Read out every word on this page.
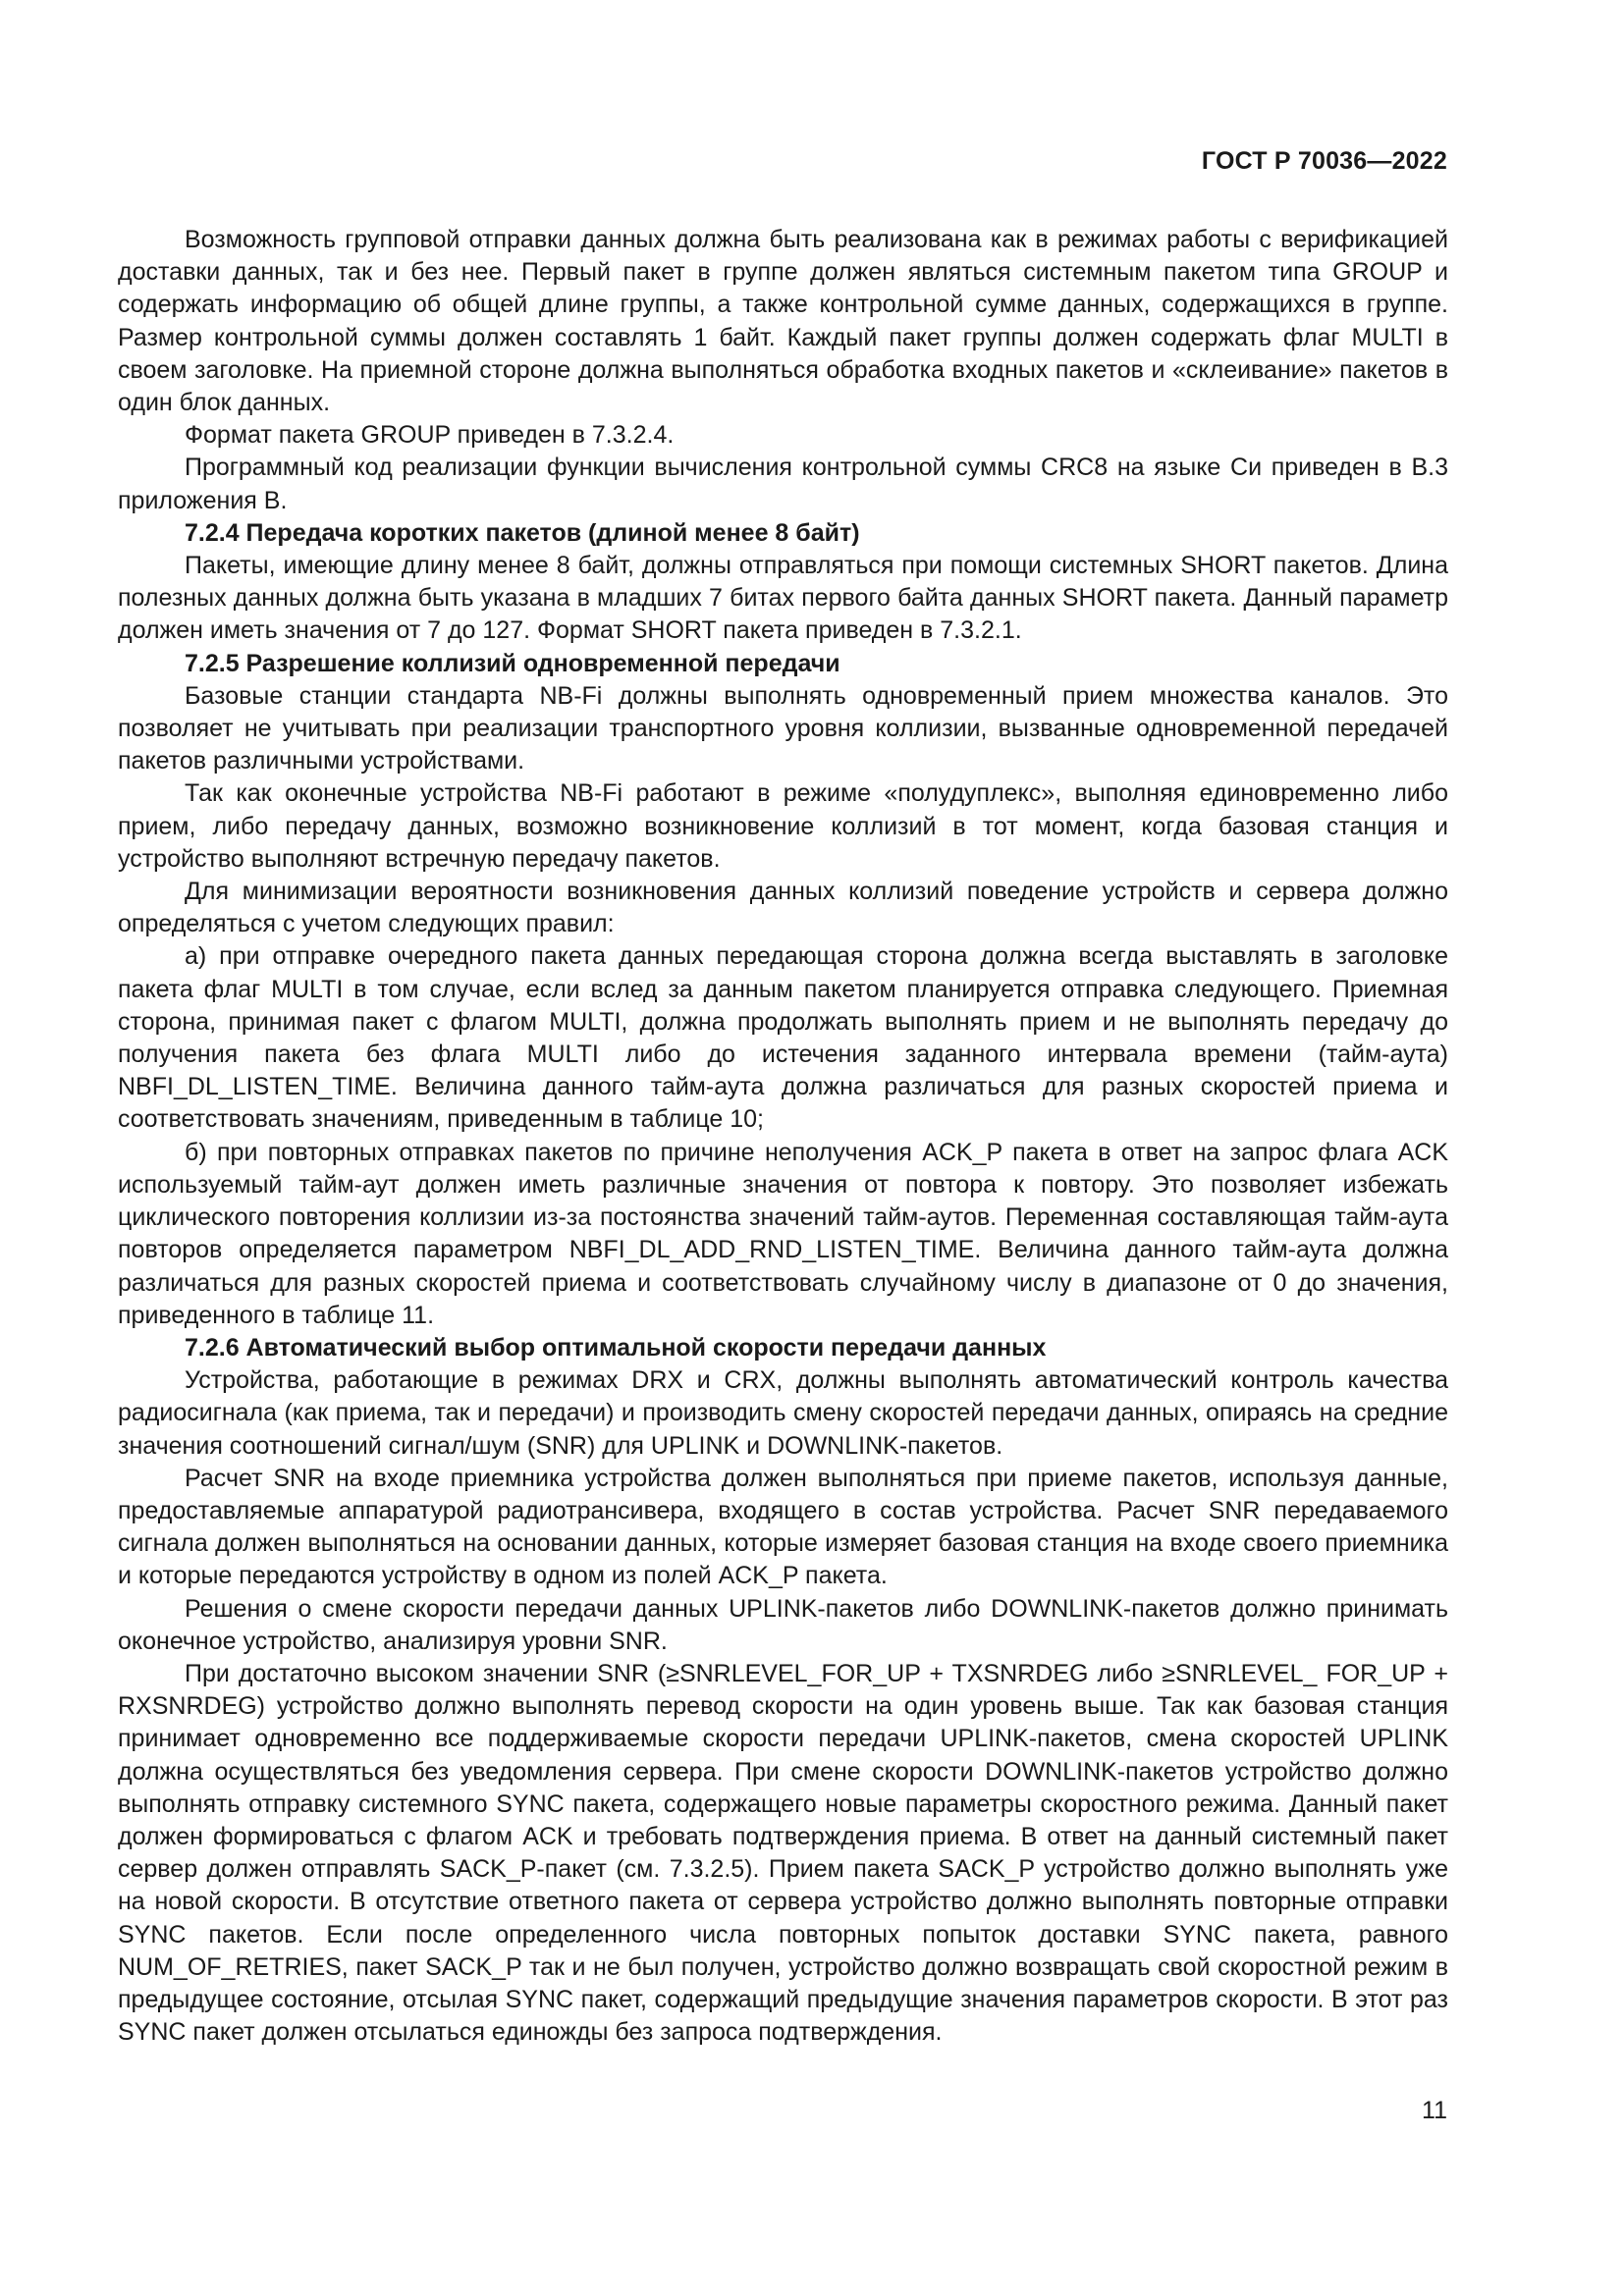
ГОСТ Р 70036—2022

Возможность групповой отправки данных должна быть реализована как в режимах работы с верификацией доставки данных, так и без нее. Первый пакет в группе должен являться системным пакетом типа GROUP и содержать информацию об общей длине группы, а также контрольной сумме данных, содержащихся в группе. Размер контрольной суммы должен составлять 1 байт. Каждый пакет группы должен содержать флаг MULTI в своем заголовке. На приемной стороне должна выполняться обработка входных пакетов и «склеивание» пакетов в один блок данных.

Формат пакета GROUP приведен в 7.3.2.4.

Программный код реализации функции вычисления контрольной суммы CRC8 на языке Си приведен в В.3 приложения В.

7.2.4 Передача коротких пакетов (длиной менее 8 байт)

Пакеты, имеющие длину менее 8 байт, должны отправляться при помощи системных SHORT пакетов. Длина полезных данных должна быть указана в младших 7 битах первого байта данных SHORT пакета. Данный параметр должен иметь значения от 7 до 127. Формат SHORT пакета приведен в 7.3.2.1.

7.2.5 Разрешение коллизий одновременной передачи

Базовые станции стандарта NB-Fi должны выполнять одновременный прием множества каналов. Это позволяет не учитывать при реализации транспортного уровня коллизии, вызванные одновременной передачей пакетов различными устройствами.

Так как оконечные устройства NB-Fi работают в режиме «полудуплекс», выполняя единовременно либо прием, либо передачу данных, возможно возникновение коллизий в тот момент, когда базовая станция и устройство выполняют встречную передачу пакетов.

Для минимизации вероятности возникновения данных коллизий поведение устройств и сервера должно определяться с учетом следующих правил:

а) при отправке очередного пакета данных передающая сторона должна всегда выставлять в заголовке пакета флаг MULTI в том случае, если вслед за данным пакетом планируется отправка следующего. Приемная сторона, принимая пакет с флагом MULTI, должна продолжать выполнять прием и не выполнять передачу до получения пакета без флага MULTI либо до истечения заданного интервала времени (тайм-аута) NBFI_DL_LISTEN_TIME. Величина данного тайм-аута должна различаться для разных скоростей приема и соответствовать значениям, приведенным в таблице 10;

б) при повторных отправках пакетов по причине неполучения ACK_P пакета в ответ на запрос флага ACK используемый тайм-аут должен иметь различные значения от повтора к повтору. Это позволяет избежать циклического повторения коллизии из-за постоянства значений тайм-аутов. Переменная составляющая тайм-аута повторов определяется параметром NBFI_DL_ADD_RND_LISTEN_TIME. Величина данного тайм-аута должна различаться для разных скоростей приема и соответствовать случайному числу в диапазоне от 0 до значения, приведенного в таблице 11.

7.2.6 Автоматический выбор оптимальной скорости передачи данных

Устройства, работающие в режимах DRX и CRX, должны выполнять автоматический контроль качества радиосигнала (как приема, так и передачи) и производить смену скоростей передачи данных, опираясь на средние значения соотношений сигнал/шум (SNR) для UPLINK и DOWNLINK-пакетов.

Расчет SNR на входе приемника устройства должен выполняться при приеме пакетов, используя данные, предоставляемые аппаратурой радиотрансивера, входящего в состав устройства. Расчет SNR передаваемого сигнала должен выполняться на основании данных, которые измеряет базовая станция на входе своего приемника и которые передаются устройству в одном из полей ACK_P пакета.

Решения о смене скорости передачи данных UPLINK-пакетов либо DOWNLINK-пакетов должно принимать оконечное устройство, анализируя уровни SNR.

При достаточно высоком значении SNR (≥SNRLEVEL_FOR_UP + TXSNRDEG либо ≥SNRLEVEL_ FOR_UP + RXSNRDEG) устройство должно выполнять перевод скорости на один уровень выше. Так как базовая станция принимает одновременно все поддерживаемые скорости передачи UPLINK-пакетов, смена скоростей UPLINK должна осуществляться без уведомления сервера. При смене скорости DOWNLINK-пакетов устройство должно выполнять отправку системного SYNC пакета, содержащего новые параметры скоростного режима. Данный пакет должен формироваться с флагом ACK и требовать подтверждения приема. В ответ на данный системный пакет сервер должен отправлять SACK_P-пакет (см. 7.3.2.5). Прием пакета SACK_P устройство должно выполнять уже на новой скорости. В отсутствие ответного пакета от сервера устройство должно выполнять повторные отправки SYNC пакетов. Если после определенного числа повторных попыток доставки SYNC пакета, равного NUM_OF_RETRIES, пакет SACK_P так и не был получен, устройство должно возвращать свой скоростной режим в предыдущее состояние, отсылая SYNC пакет, содержащий предыдущие значения параметров скорости. В этот раз SYNC пакет должен отсылаться единожды без запроса подтверждения.

11
